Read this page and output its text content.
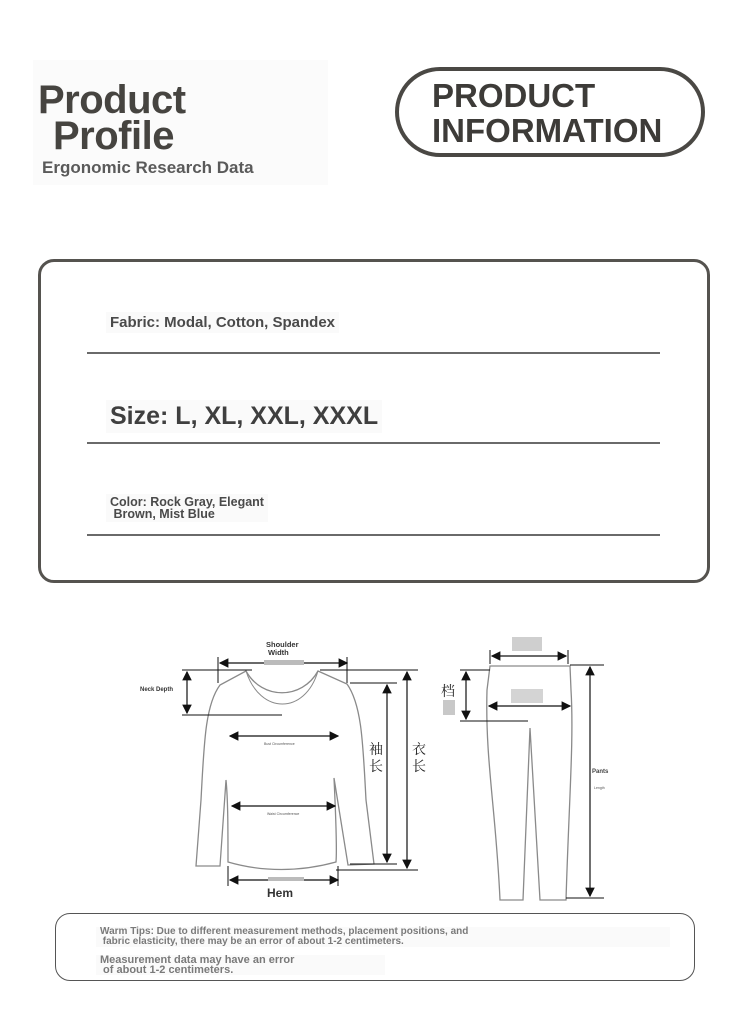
Product
Profile
Ergonomic Research Data
PRODUCT
INFORMATION
Fabric: Modal, Cotton, Spandex
Size: L, XL, XXL, XXXL
Color: Rock Gray, Elegant
Brown, Mist Blue
Shoulder
Width
Neck Depth
Bust Circumference
Waist Circumference
Hem
袖
长
衣
长
档
Pants
Length
Warm Tips: Due to different measurement methods, placement positions, and
fabric elasticity, there may be an error of about 1-2 centimeters.
Measurement data may have an error
of about 1-2 centimeters.
